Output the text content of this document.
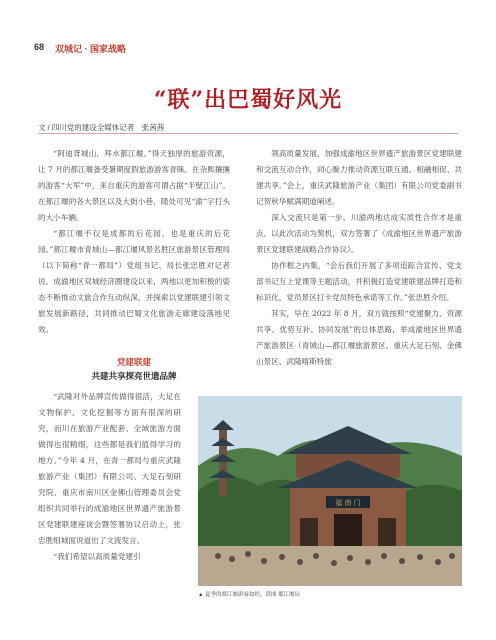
68 双城记 · 国家战略
“联”出巴蜀好风光
文 / 四川党的建设全媒体记者　张茜茜

“阿迪背城山，拜水都江堰。”得天独厚的旅游资源，让 7 月的都江堰备受暑期度假旅游游客青睐。在杂熙攘攘的游客“大军”中，来自重庆的游客可谓占据“半壁江山”。在都江堰的各大景区以及大街小巷，随处可见“渝”字打头的大小车辆。

“都江堰不仅是成都的后花园，也是重庆的后花园。”都江堰市青城山—都江堰风景名胜区旅游景区管理局（以下简称“青一都局”）党组书记、局长张忠胜对记者说。成渝地区双城经济圈建设以来，两地以更加积极的姿态不断推动文旅合作互动纵深，并探索以党建联建引领文旅发展新路径，共同推动巴蜀文化旅游走廊建设落地见效。

党建联建
共建共享探亮世遗品牌

“武隆对外品牌宣传做得很活，大足在文物保护、文化挖掘等方面有很深的研究，而川在旅游产业配套、全域旅游方面做得也很精细，这些都是我们值得学习的地方。”今年 4 月，在青一都局与重庆武隆旅游产业（集团）有限公司、大足石刻研究院、重庆市南川区金佛山管理委员会党组织共同举行的成渝地区世界遗产旅游景区党建联建座谈会暨签署协议启动上，张忠胜组城面说道出了文流发言。

“我们希望以高质量党建引

领高质量发展，加强成渝地区世界遗产旅游景区党建联建和交流互动合作，同心聚力推动资源互联互通、相融相促、共建共享。”会上，重庆武隆旅游产业（集团）有限公司党委副书记贺秋华赋满期道阐述。

深入交流只是第一步，川渝两地达成实质性合作才是重点。以此次活动为契机，双方签署了《成渝地区世界遗产旅游景区党建联建战略合作协议》。

协作框之内集，“会后我们开展了多项追踪合宣传、党支部书记互上党课等主题活动，并积极打造党建联建品牌打造和标识化，党员景区打卡党员特色承诺等工作。”张忠胜介绍。

其实，早在 2022 年 8 月，双方就按照“党建聚力、资源共享、优势互补、协同发展”的总体思路，举成渝地区世界遗产旅游景区（青城山—都江堰旅游景区、重庆大足石刻、金佛山景区、武隆喀斯特旅

福 南 门
▲ 夏季的都江堰游客如织，供图 都江堰局
